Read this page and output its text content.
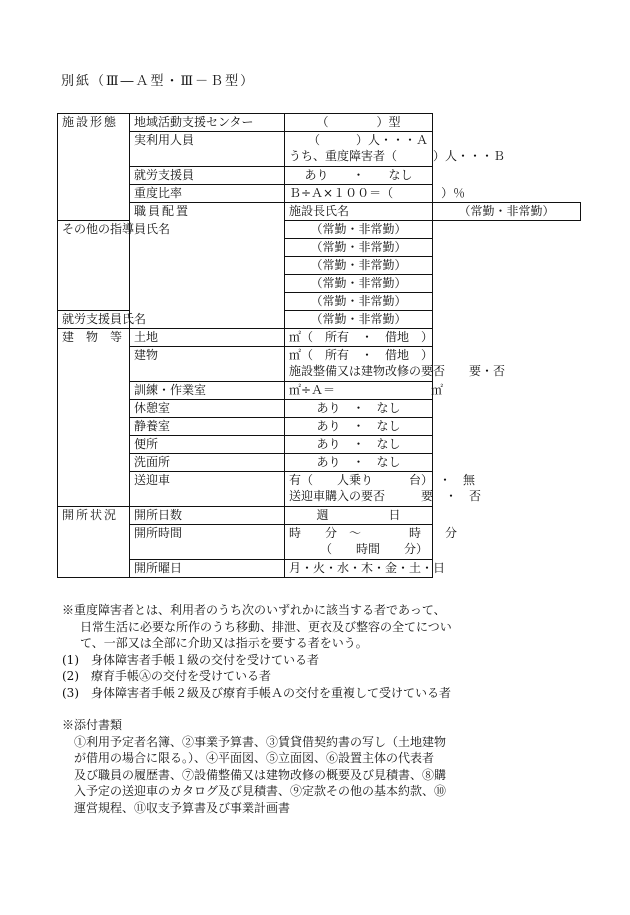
別紙（Ⅲ―Ａ型・Ⅲ－Ｂ型）
施設形態	地域活動支援センター	（　　　　）型	
	実利用人員	（　　　）人・・・Ａ
うち、重度障害者（　　　）人・・・Ｂ	

	就労支援員	あり　　・　　なし	
	重度比率	Ｂ÷Ａ×１００＝（　　　　）％	
	職員配置	施設長氏名	（常勤・非常勤）
その他の指導員氏名		（常勤・非常勤）	
		（常勤・非常勤）	
		（常勤・非常勤）	
		（常勤・非常勤）	
		（常勤・非常勤）	
就労支援員氏名		（常勤・非常勤）	
建　物　等	土地	㎡（　所有　・　借地　）	
	建物	㎡（　所有　・　借地　）
施設整備又は建物改修の要否　　要・否	

	訓練・作業室	㎡÷Ａ＝　　　　　　　　㎡	
	休憩室	あり　・　なし	
	静養室	あり　・　なし	
	便所	あり　・　なし	
	洗面所	あり　・　なし	
	送迎車	有（　　人乗り　　　台）　・　無
送迎車購入の要否　　　要　・　否	

開所状況	開所日数	週　　　　　日	
	開所時間	時　　分　～　　　　時　　分
（　　時間　　分）	

	開所曜日	月・火・水・木・金・土・日	

※重度障害者とは、利用者のうち次のいずれかに該当する者であって、

日常生活に必要な所作のうち移動、排泄、更衣及び整容の全てについ

て、一部又は全部に介助又は指示を要する者をいう。

(1)　身体障害者手帳１級の交付を受けている者

(2)　療育手帳Ⓐの交付を受けている者

(3)　身体障害者手帳２級及び療育手帳Ａの交付を重複して受けている者

※添付書類

①利用予定者名簿、②事業予算書、③賃貸借契約書の写し（土地建物

が借用の場合に限る。）、④平面図、⑤立面図、⑥設置主体の代表者

及び職員の履歴書、⑦設備整備又は建物改修の概要及び見積書、⑧購

入予定の送迎車のカタログ及び見積書、⑨定款その他の基本約款、⑩

運営規程、⑪収支予算書及び事業計画書
